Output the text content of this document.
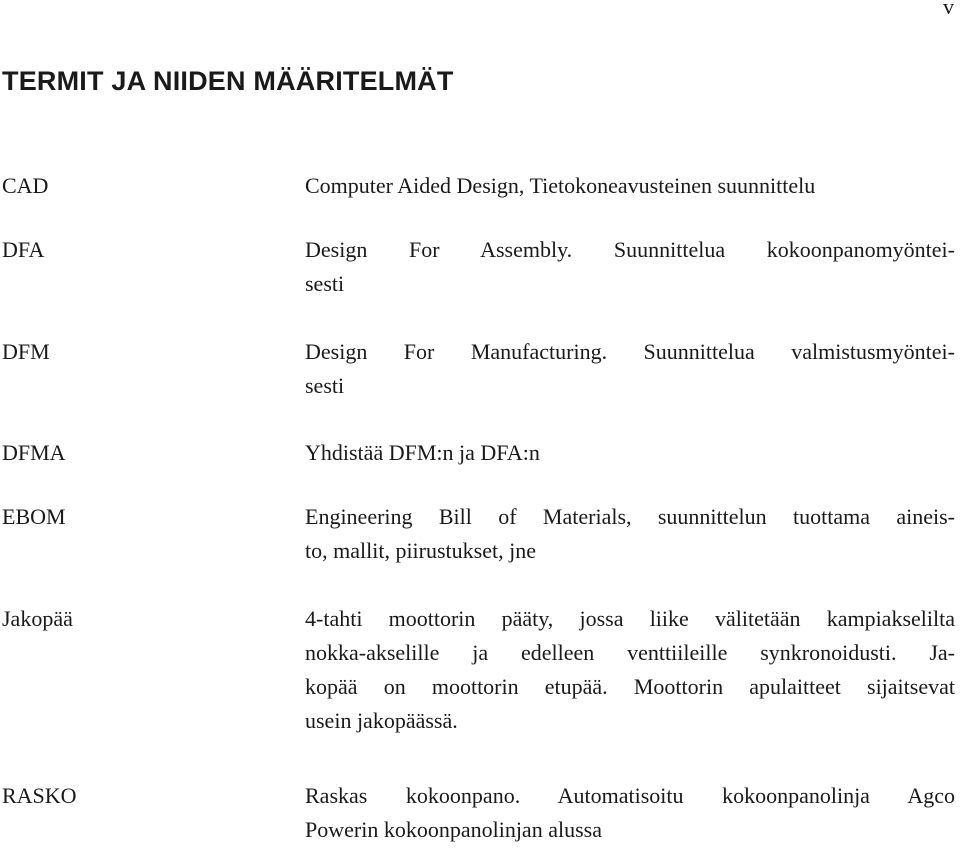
v
TERMIT JA NIIDEN MÄÄRITELMÄT
CAD	Computer Aided Design, Tietokoneavusteinen suunnittelu
DFA	Design For Assembly. Suunnittelua kokoonpanomyöntei-
sesti
DFM	Design For Manufacturing. Suunnittelua valmistusmyöntei-
sesti
DFMA	Yhdistää DFM:n ja DFA:n
EBOM	Engineering Bill of Materials, suunnittelun tuottama aineis-
to, mallit, piirustukset, jne
Jakopää	4-tahti moottorin pääty, jossa liike välitetään kampiakselilta
nokka-akselille ja edelleen venttiileille synkronoidusti. Ja-
kopää on moottorin etupää. Moottorin apulaitteet sijaitsevat
usein jakopäässä.
RASKO	Raskas kokoonpano. Automatisoitu kokoonpanolinja Agco
Powerin kokoonpanolinjan alussa
